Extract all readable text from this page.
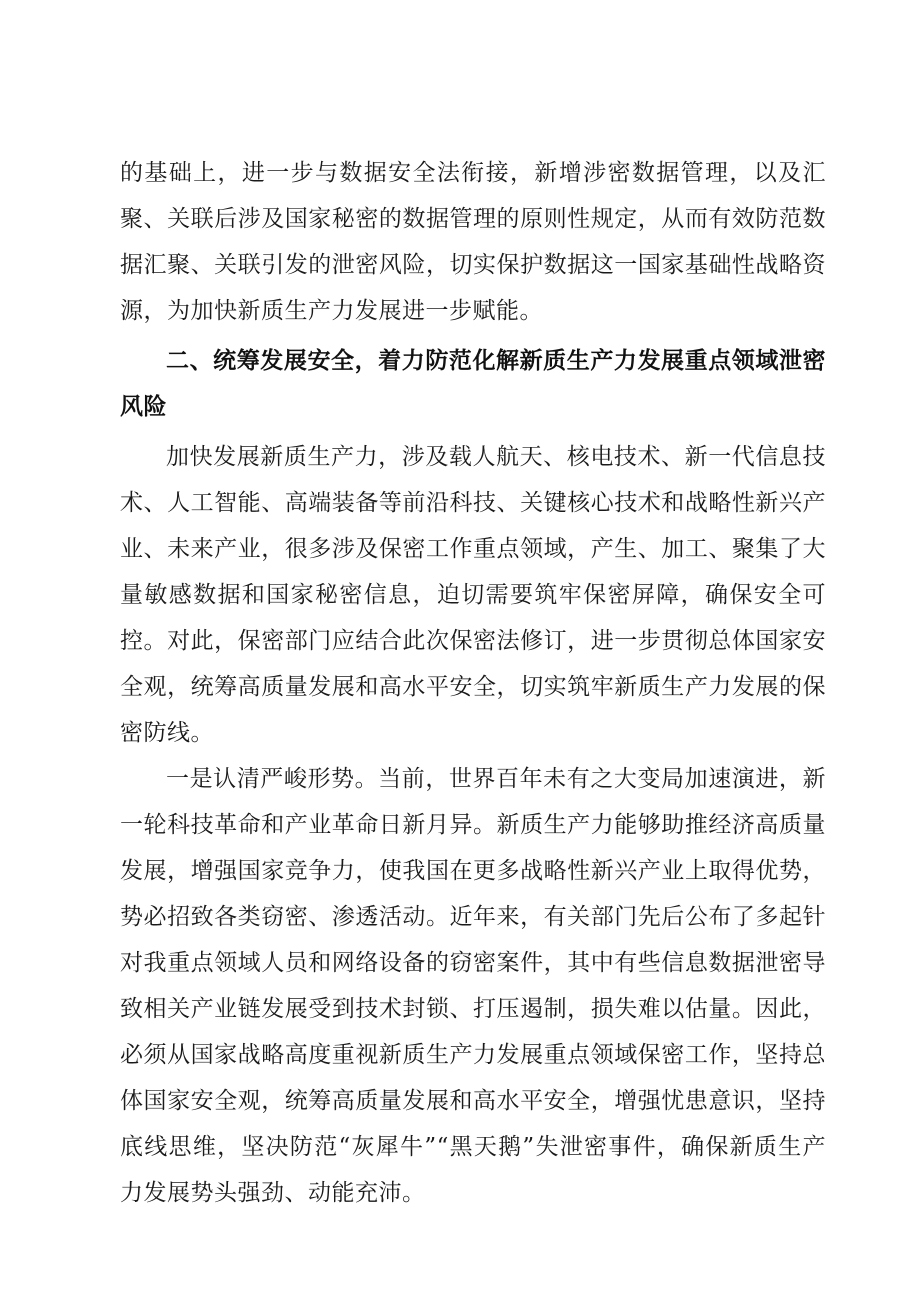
的基础上，进一步与数据安全法衔接，新增涉密数据管理，以及汇聚、关联后涉及国家秘密的数据管理的原则性规定，从而有效防范数据汇聚、关联引发的泄密风险，切实保护数据这一国家基础性战略资源，为加快新质生产力发展进一步赋能。

二、统筹发展安全，着力防范化解新质生产力发展重点领域泄密风险

加快发展新质生产力，涉及载人航天、核电技术、新一代信息技术、人工智能、高端装备等前沿科技、关键核心技术和战略性新兴产业、未来产业，很多涉及保密工作重点领域，产生、加工、聚集了大量敏感数据和国家秘密信息，迫切需要筑牢保密屏障，确保安全可控。对此，保密部门应结合此次保密法修订，进一步贯彻总体国家安全观，统筹高质量发展和高水平安全，切实筑牢新质生产力发展的保密防线。

一是认清严峻形势。当前，世界百年未有之大变局加速演进，新一轮科技革命和产业革命日新月异。新质生产力能够助推经济高质量发展，增强国家竞争力，使我国在更多战略性新兴产业上取得优势，势必招致各类窃密、渗透活动。近年来，有关部门先后公布了多起针对我重点领域人员和网络设备的窃密案件，其中有些信息数据泄密导致相关产业链发展受到技术封锁、打压遏制，损失难以估量。因此，必须从国家战略高度重视新质生产力发展重点领域保密工作，坚持总体国家安全观，统筹高质量发展和高水平安全，增强忧患意识，坚持底线思维，坚决防范“灰犀牛”“黑天鹅”失泄密事件，确保新质生产力发展势头强劲、动能充沛。
